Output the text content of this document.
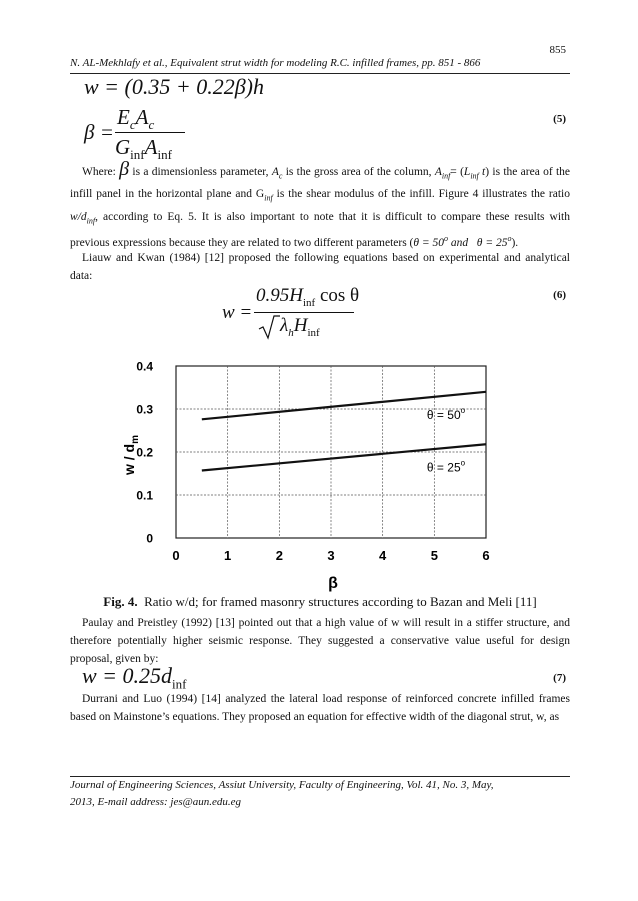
855
N. AL-Mekhlafy et al., Equivalent strut width for modeling R.C. infilled frames, pp. 851 - 866
w = (0.35 + 0.22β)h
β =
$E_cA_c$
$G_{inf}A_{inf}$
(5)

Where: β is a dimensionless parameter, $A_c$ is the gross area of the column, $A_{inf}= (L_{inf}$ t) is the area of the infill panel in the horizontal plane and $G_{inf}$ is the shear modulus of the infill. Figure 4 illustrates the ratio $w/d_{inf}$, according to Eq. 5. It is also important to note that it is difficult to compare these results with previous expressions because they are related to two different parameters ($\theta = 50^o$ and $\theta = 25^o$).

Liauw and Kwan (1984) [12] proposed the following equations based on experimental and analytical data:

(6)
w =
$0.95H_{inf}$ cos θ
$\lambda_hH_{inf}$
0	1	2	3	4	5	6
0
0.1
0.2
0.3
0.4
$\theta = 50^o$
$\theta = 25^o$
w / $d_m$
β
Fig. 4. Ratio w/d; for framed masonry structures according to Bazan and Meli [11]

Paulay and Preistley (1992) [13] pointed out that a high value of w will result in a stiffer structure, and therefore potentially higher seismic response. They suggested a conservative value useful for design proposal, given by:

$w = 0.25d_{inf}$	(7)

Durrani and Luo (1994) [14] analyzed the lateral load response of reinforced concrete infilled frames based on Mainstone’s equations. They proposed an equation for effective width of the diagonal strut, w, as

Journal of Engineering Sciences, Assiut University, Faculty of Engineering, Vol. 41, No. 3, May,
2013, E-mail address: jes@aun.edu.eg
